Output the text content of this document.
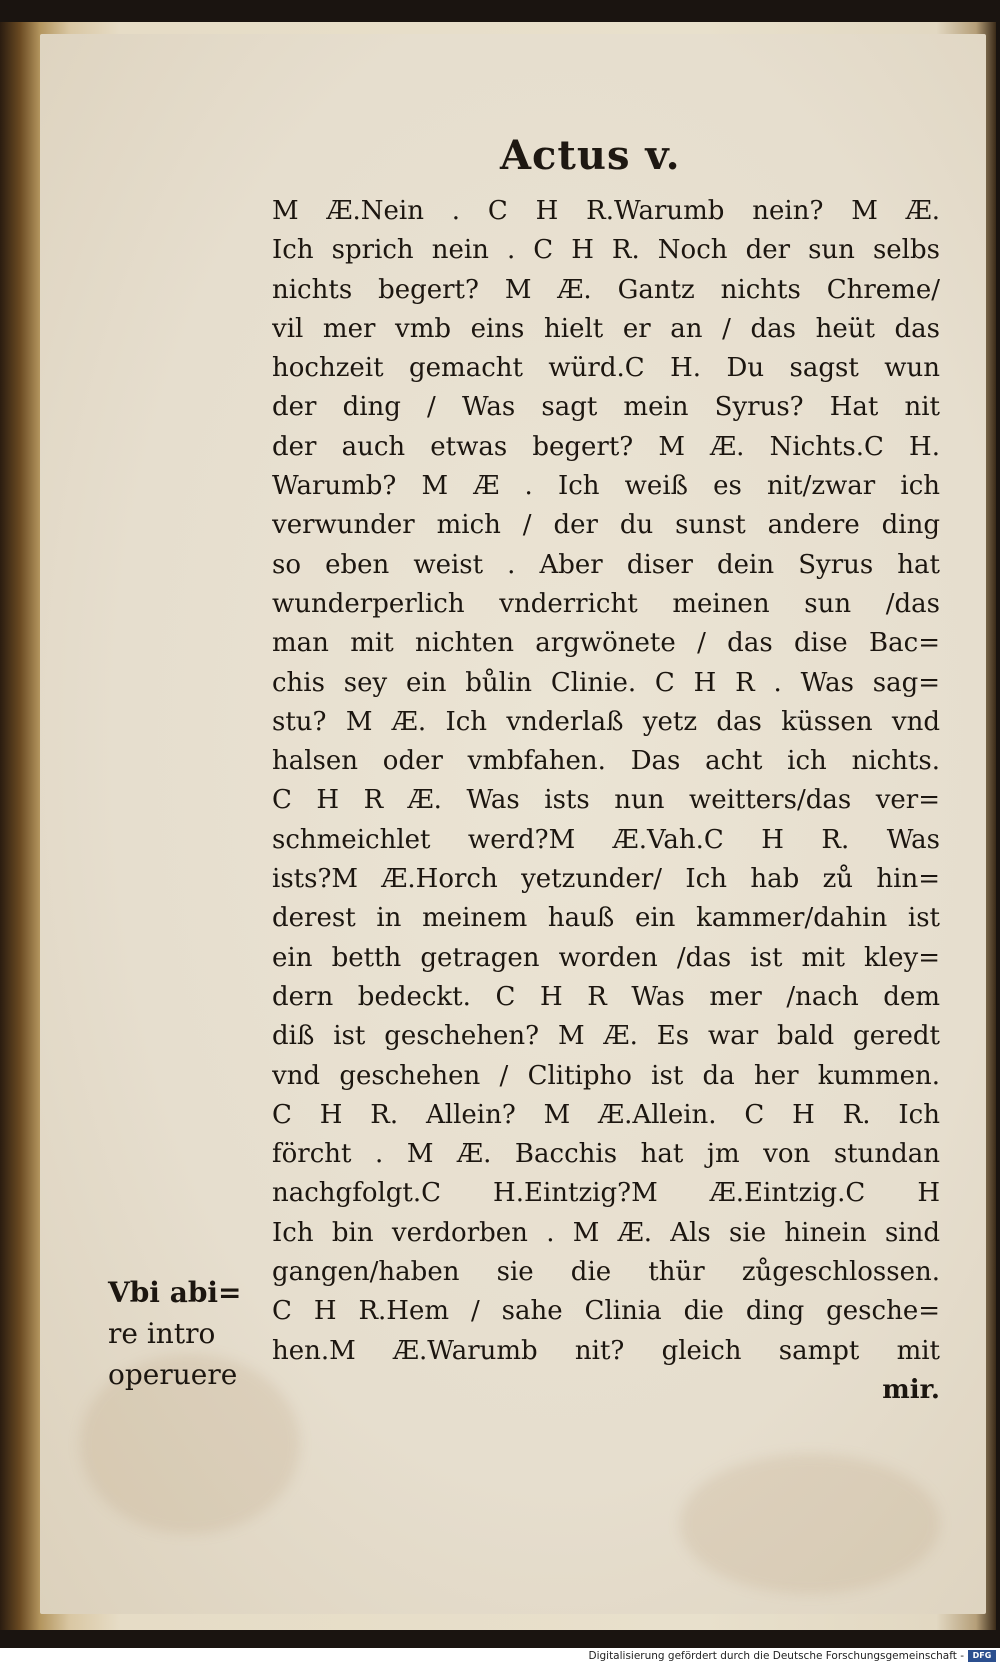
Actus v.
M Æ.Nein . C H R.Warumb nein? M Æ.
Ich sprich nein . C H R. Noch der sun selbs
nichts begert? M Æ. Gantz nichts Chreme/
vil mer vmb eins hielt er an / das heüt das
hochzeit gemacht würd.C H. Du sagst wun
der ding / Was sagt mein Syrus? Hat nit
der auch etwas begert? M Æ. Nichts.C H.
Warumb? M Æ . Ich weiß es nit/zwar ich
verwunder mich / der du sunst andere ding
so eben weist . Aber diser dein Syrus hat
wunderperlich vnderricht meinen sun /das
man mit nichten argwönete / das dise Bac=
chis sey ein bůlin Clinie. C H R . Was sag=
stu? M Æ. Ich vnderlaß yetz das küssen vnd
halsen oder vmbfahen. Das acht ich nichts.
C H R Æ. Was ists nun weitters/das ver=
schmeichlet werd?M Æ.Vah.C H R. Was
ists?M Æ.Horch yetzunder/ Ich hab zů hin=
derest in meinem hauß ein kammer/dahin ist
ein betth getragen worden /das ist mit kley=
dern bedeckt. C H R Was mer /nach dem
diß ist geschehen? M Æ. Es war bald geredt
vnd geschehen / Clitipho ist da her kummen.
C H R. Allein? M Æ.Allein. C H R. Ich
förcht . M Æ. Bacchis hat jm von stundan
nachgfolgt.C H.Eintzig?M Æ.Eintzig.C H
Ich bin verdorben . M Æ. Als sie hinein sind
gangen/haben sie die thür zůgeschlossen.
C H R.Hem / sahe Clinia die ding gesche=
hen.M Æ.Warumb nit? gleich sampt mit
mir.
Vbi abi=
re intro
operuere
Digitalisierung gefördert durch die Deutsche Forschungsgemeinschaft -	DFG
